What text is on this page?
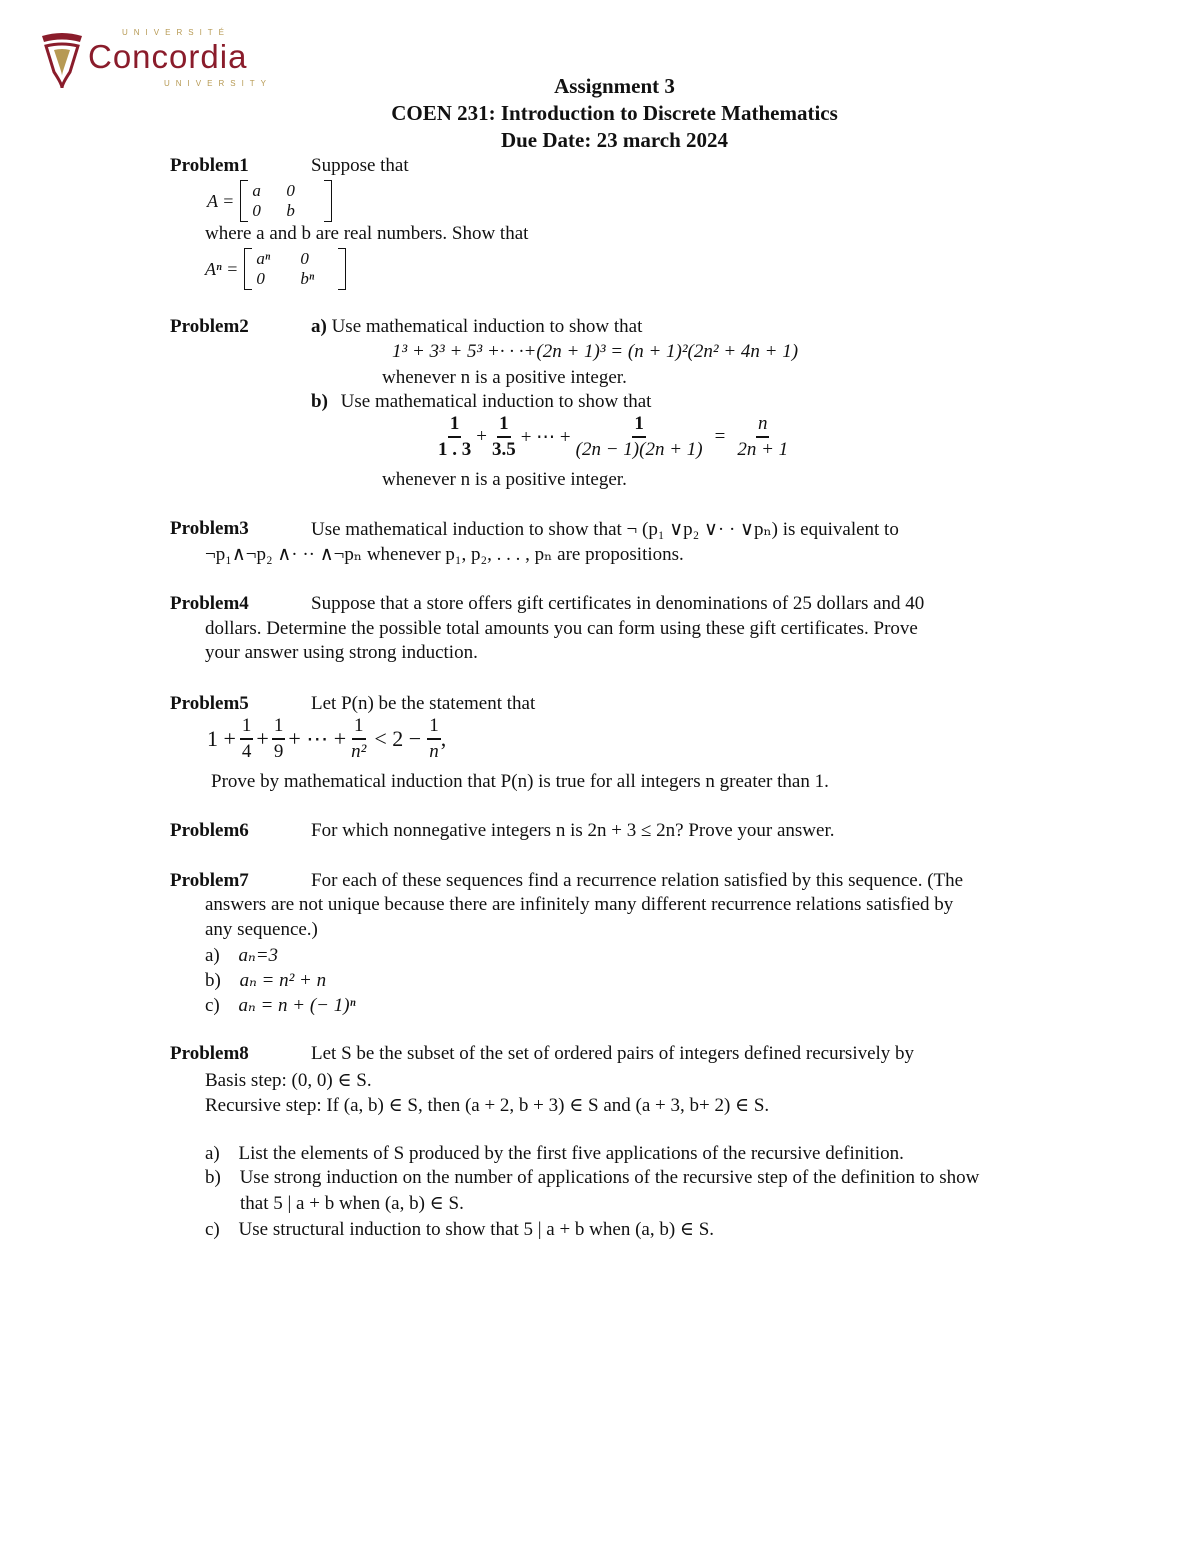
UNIVERSITÉ
Concordia
UNIVERSITY	Assignment 3
COEN 231: Introduction to Discrete Mathematics
Due Date: 23 march 2024
Problem1	Suppose that
A = a	0
0	b
where a and b are real numbers. Show that
Aⁿ = aⁿ	0
0	bⁿ
Problem2	a) Use mathematical induction to show that
1³ + 3³ + 5³ +· · ·+(2n + 1)³ = (n + 1)²(2n² + 4n + 1)
whenever n is a positive integer.
b) Use mathematical induction to show that
$\frac{1}{1 . 3} + \frac{1}{3.5}$ + ⋯ + $\frac{1}{(2n - 1)(2n + 1)} = \frac{n}{2n + 1}$
whenever n is a positive integer.
Problem3	Use mathematical induction to show that ¬ (p₁ ∨p₂ ∨· · ∨pₙ) is equivalent to
¬p₁∧¬p₂ ∧· ·· ∧¬pₙ whenever p₁, p₂, . . . , pₙ are propositions.
Problem4	Suppose that a store offers gift certificates in denominations of 25 dollars and 40
dollars. Determine the possible total amounts you can form using these gift certificates. Prove
your answer using strong induction.
Problem5	Let P(n) be the statement that
$1 + \frac{1}{4} + \frac{1}{9}$ + ⋯ + $\frac{1}{\text{n²}} < 2 - \frac{1}{n}$ ,
Prove by mathematical induction that P(n) is true for all integers n greater than 1.
Problem6	For which nonnegative integers n is 2n + 3 ≤ 2n? Prove your answer.
Problem7	For each of these sequences find a recurrence relation satisfied by this sequence. (The
answers are not unique because there are infinitely many different recurrence relations satisfied by
any sequence.)
a) aₙ=3
b) aₙ = n² + n
c) aₙ = n + (− 1)ⁿ
Problem8	Let S be the subset of the set of ordered pairs of integers defined recursively by
Basis step: (0, 0) ∈ S.
Recursive step: If (a, b) ∈ S, then (a + 2, b + 3) ∈ S and (a + 3, b+ 2) ∈ S.
a) List the elements of S produced by the first five applications of the recursive definition.
b) Use strong induction on the number of applications of the recursive step of the definition to show
that 5 | a + b when (a, b) ∈ S.
c) Use structural induction to show that 5 | a + b when (a, b) ∈ S.
